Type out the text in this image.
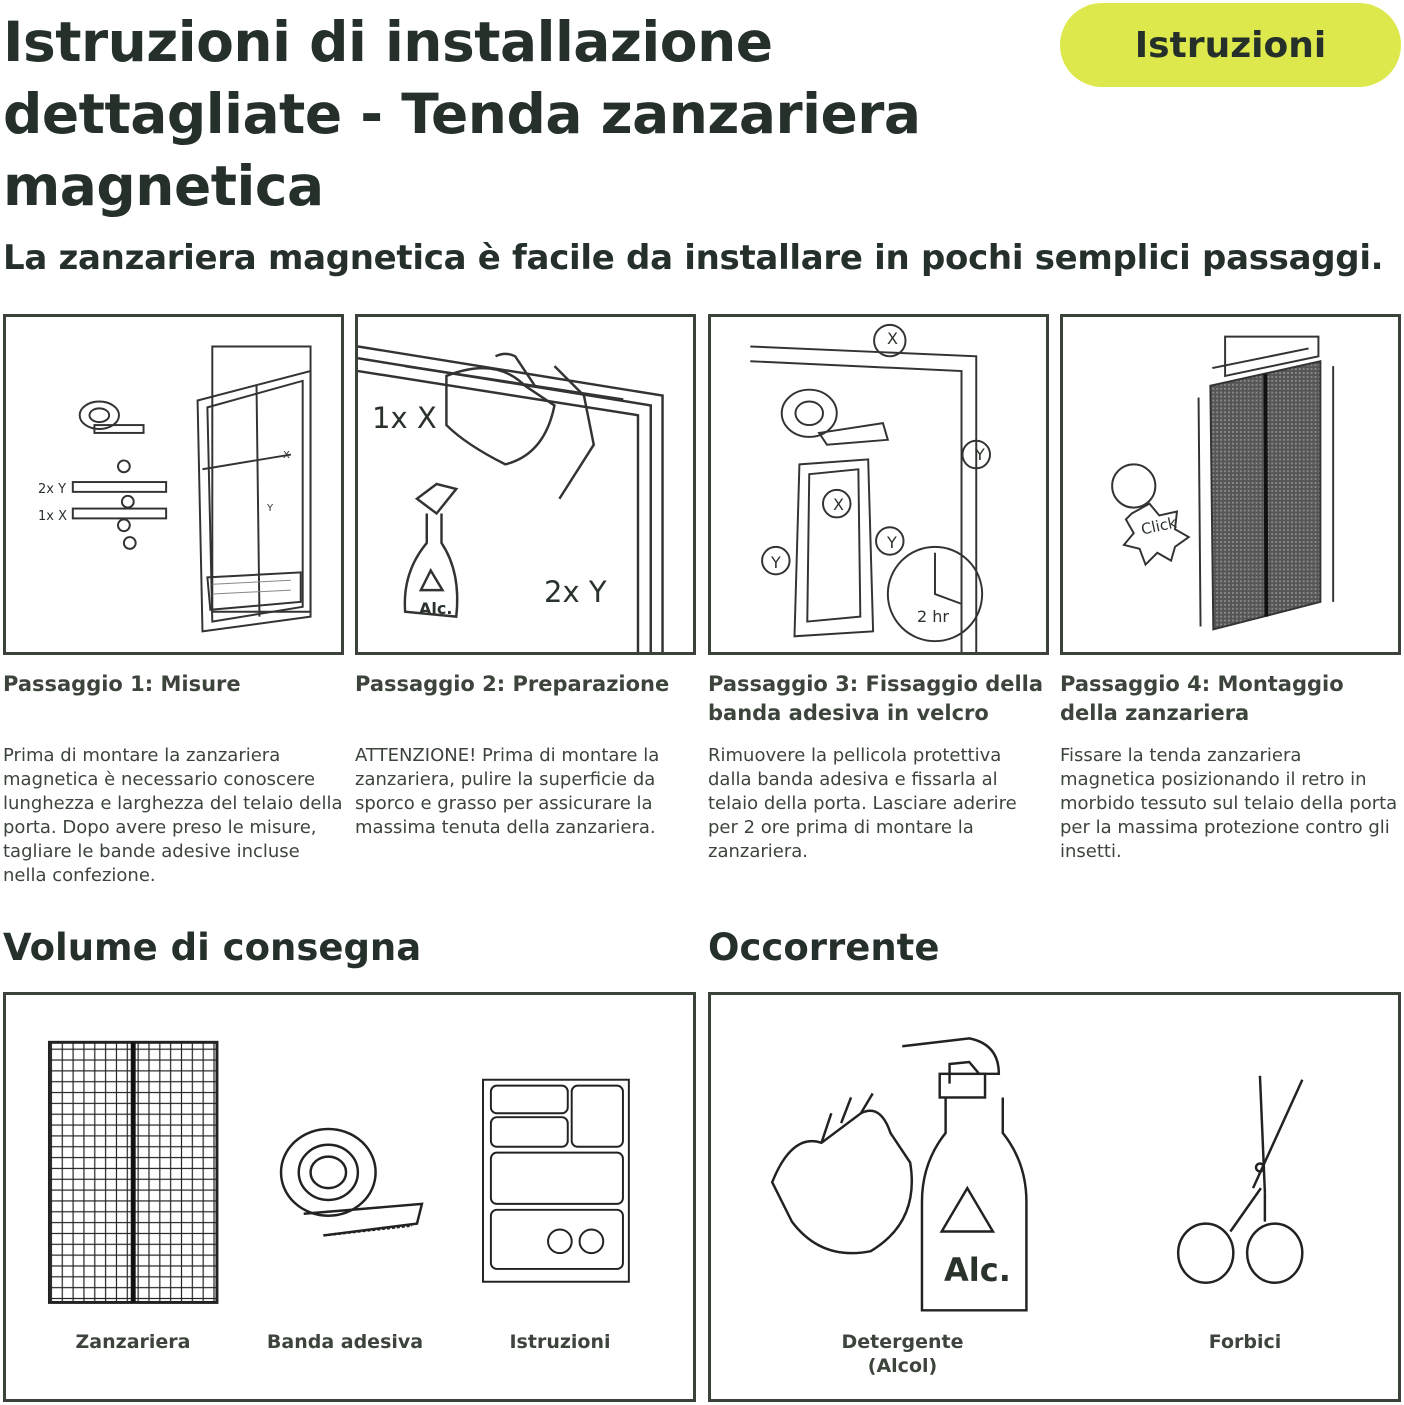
Istruzioni di installazione dettagliate - Tenda zanzariera magnetica
Istruzioni
La zanzariera magnetica è facile da installare in pochi semplici passaggi.
2x Y
1x X
X
Y
1x X
2x Y
Alc.
X
Y
X
Y
Y
2 hr
Click

Passaggio 1: Misure

Prima di montare la zanzariera magnetica è necessario conoscere lunghezza e larghezza del telaio della porta. Dopo avere preso le misure, tagliare le bande adesive incluse nella confezione.

Passaggio 2: Preparazione

ATTENZIONE! Prima di montare la zanzariera, pulire la superficie da sporco e grasso per assicurare la massima tenuta della zanzariera.

Passaggio 3: Fissaggio della banda adesiva in velcro

Rimuovere la pellicola protettiva dalla banda adesiva e fissarla al telaio della porta. Lasciare aderire per 2 ore prima di montare la zanzariera.

Passaggio 4: Montaggio della zanzariera

Fissare la tenda zanzariera magnetica posizionando il retro in morbido tessuto sul telaio della porta per la massima protezione contro gli insetti.

Volume di consegna	Occorrente
Zanzariera	Banda adesiva	Istruzioni
Alc.
Detergente
(Alcol)
Forbici
